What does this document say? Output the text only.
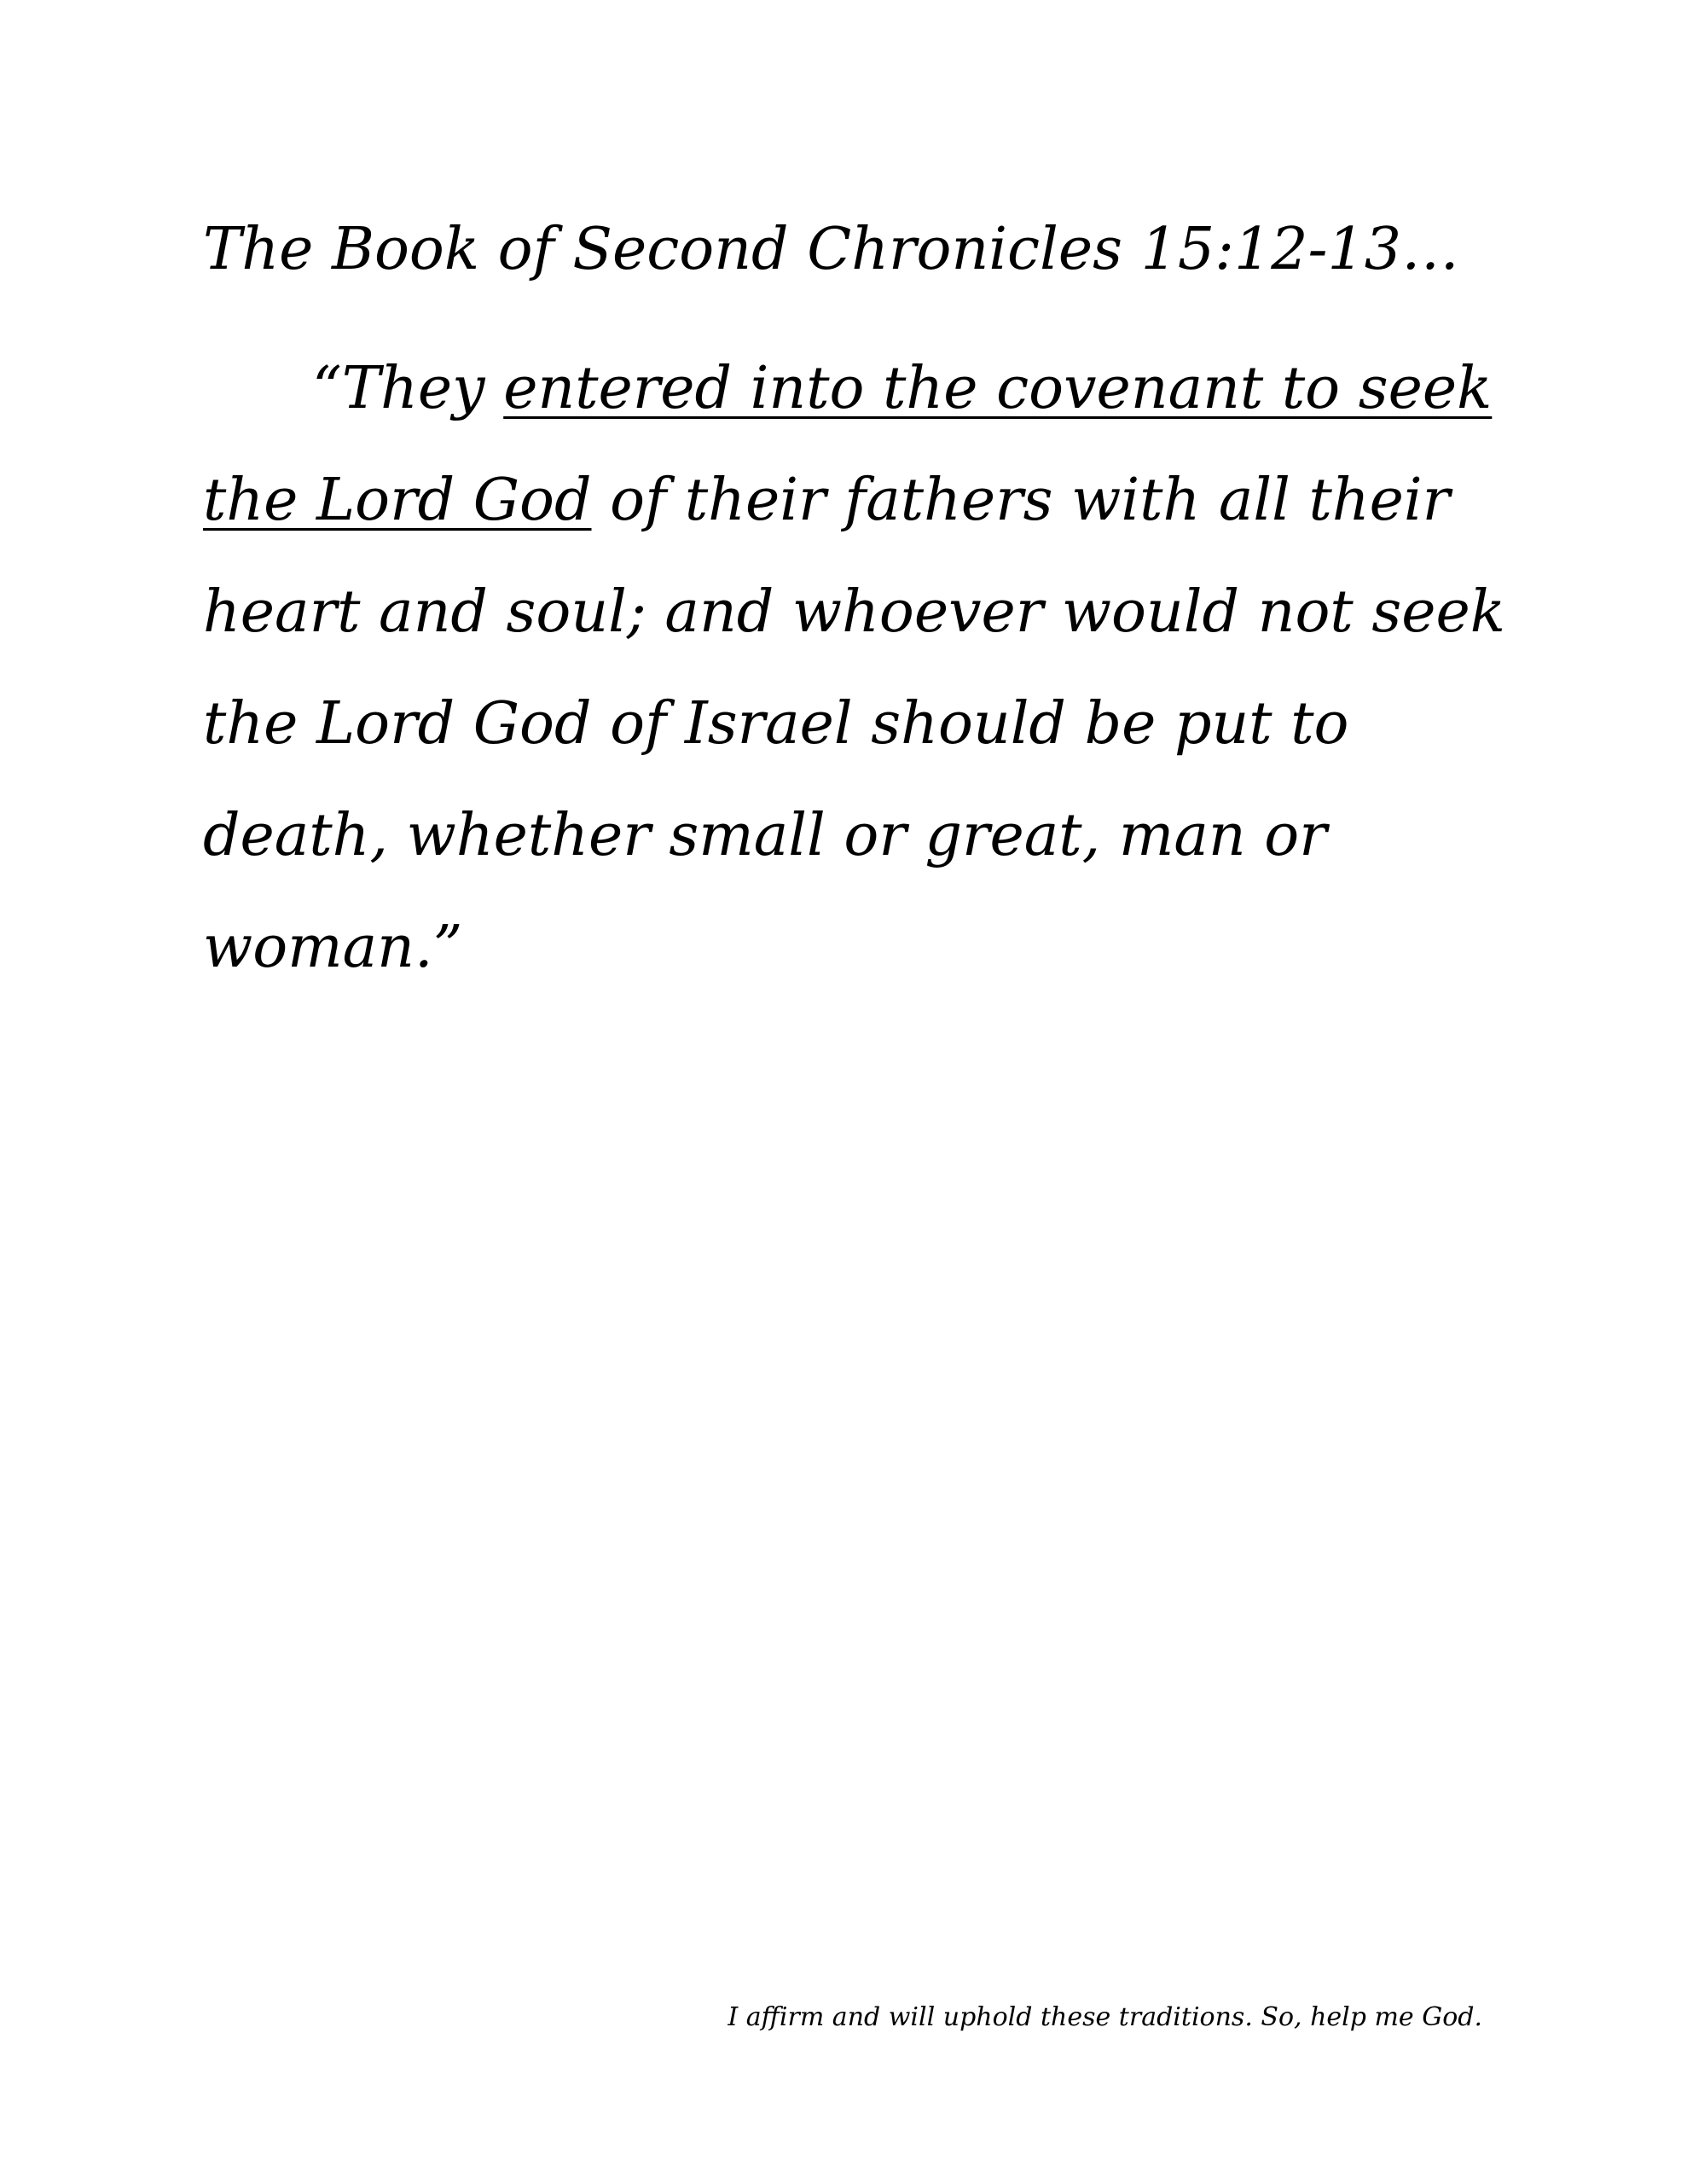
The Book of Second Chronicles 15:12-13…

“They entered into the covenant to seek
the Lord God of their fathers with all their
heart and soul; and whoever would not seek
the Lord God of Israel should be put to
death, whether small or great, man or
woman.”

I affirm and will uphold these traditions. So, help me God.
